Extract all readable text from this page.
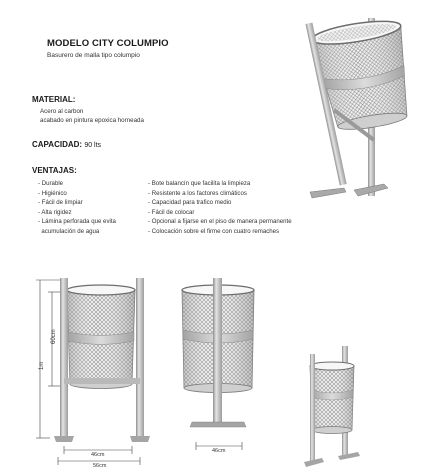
MODELO CITY COLUMPIO
Basurero de malla tipo columpio
MATERIAL:
Acero al carbon
acabado en pintura epoxica horneada
CAPACIDAD: 90 lts
VENTAJAS:
- Durable
- Higiénico
- Fácil de limpiar
- Alta rigidez
- Lámina perforada que evita
acumulación de agua
- Bote balancín que facilita la limpieza
- Resistente a los factores climáticos
- Capacidad para trafico medio
- Fácil de colocar
- Opcional a fijarse en el piso de manera permanente
- Colocación sobre el firme con cuatro remaches
1m
60cm
46cm
56cm
46cm
